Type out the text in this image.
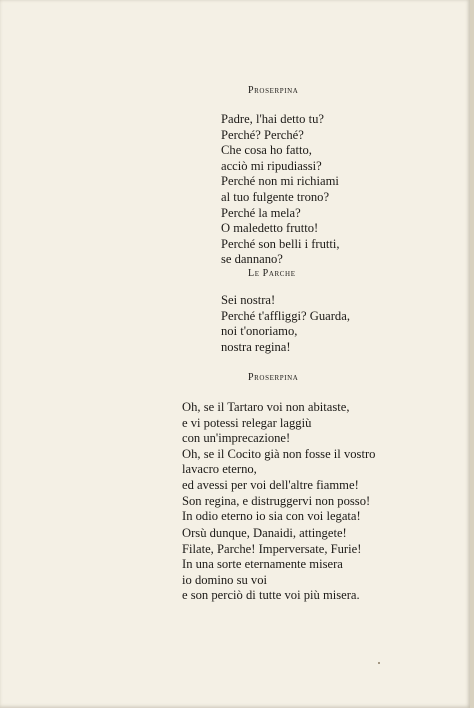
Proserpina
Padre, l'hai detto tu?
Perché? Perché?
Che cosa ho fatto,
acciò mi ripudiassi?
Perché non mi richiami
al tuo fulgente trono?
Perché la mela?
O maledetto frutto!
Perché son belli i frutti,
se dannano?
Le Parche
Sei nostra!
Perché t'affliggi? Guarda,
noi t'onoriamo,
nostra regina!
Proserpina
Oh, se il Tartaro voi non abitaste,
e vi potessi relegar laggiù
con un'imprecazione!
Oh, se il Cocito già non fosse il vostro
lavacro eterno,
ed avessi per voi dell'altre fiamme!
Son regina, e distruggervi non posso!
In odio eterno io sia con voi legata!
Orsù dunque, Danaidi, attingete!
Filate, Parche! Imperversate, Furie!
In una sorte eternamente misera
io domino su voi
e son perciò di tutte voi più misera.
